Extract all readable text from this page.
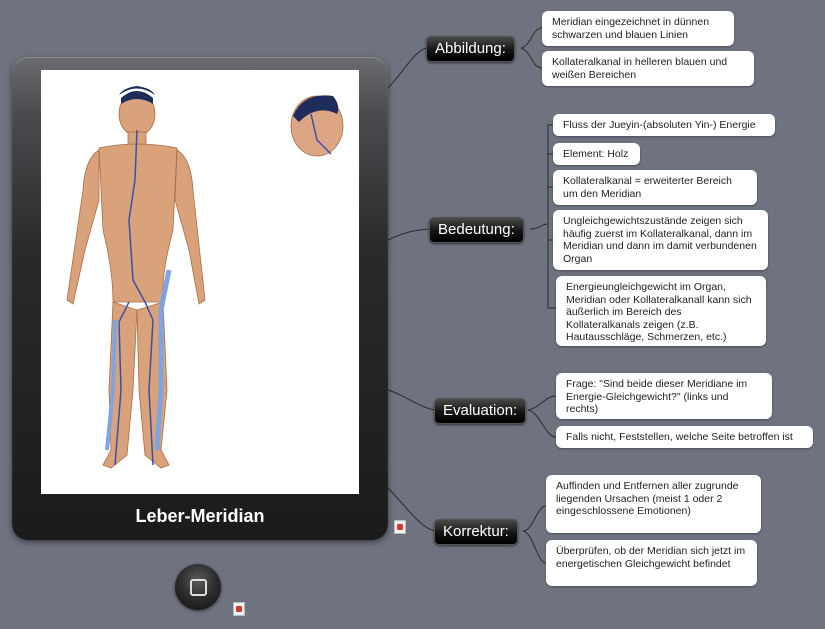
Leber-Meridian
Abbildung:
Bedeutung:
Evaluation:
Korrektur:
Meridian eingezeichnet in dünnen schwarzen und blauen Linien
Kollateralkanal in helleren blauen und weißen Bereichen
Fluss der Jueyin-(absoluten Yin-) Energie
Element: Holz
Kollateralkanal = erweiterter Bereich um den Meridian
Ungleichgewichtszustände zeigen sich häufig zuerst im Kollateralkanal, dann im Meridian und dann im damit verbundenen Organ
Energieungleichgewicht im Organ, Meridian oder Kollateralkanall kann sich äußerlich im Bereich des Kollateralkanals zeigen (z.B. Hautausschläge, Schmerzen, etc.)
Frage: "Sind beide dieser Meridiane im Energie-Gleichgewicht?" (links und rechts)
Falls nicht, Feststellen, welche Seite betroffen ist
Auffinden und Entfernen aller zugrunde liegenden Ursachen (meist 1 oder 2 eingeschlossene Emotionen)
Überprüfen, ob der Meridian sich jetzt im energetischen Gleichgewicht befindet
